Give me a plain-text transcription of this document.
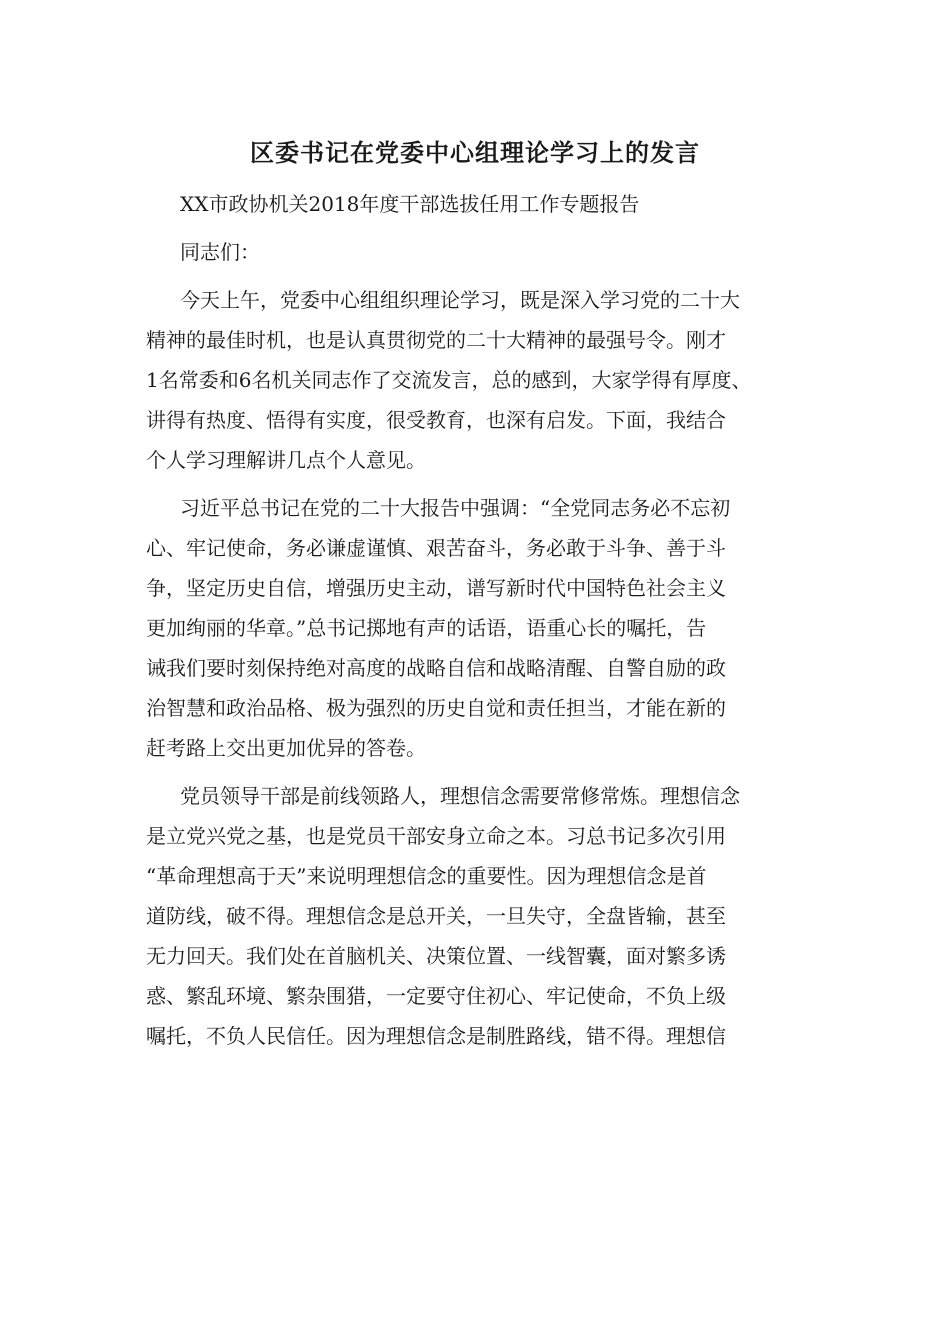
区委书记在党委中心组理论学习上的发言
XX市政协机关2018年度干部选拔任用工作专题报告
同志们：
今天上午，党委中心组组织理论学习，既是深入学习党的二十大
精神的最佳时机，也是认真贯彻党的二十大精神的最强号令。刚才
1名常委和6名机关同志作了交流发言，总的感到，大家学得有厚度、
讲得有热度、悟得有实度，很受教育，也深有启发。下面，我结合
个人学习理解讲几点个人意见。
习近平总书记在党的二十大报告中强调：“全党同志务必不忘初
心、牢记使命，务必谦虚谨慎、艰苦奋斗，务必敢于斗争、善于斗
争，坚定历史自信，增强历史主动，谱写新时代中国特色社会主义
更加绚丽的华章。”总书记掷地有声的话语，语重心长的嘱托，告
诫我们要时刻保持绝对高度的战略自信和战略清醒、自警自励的政
治智慧和政治品格、极为强烈的历史自觉和责任担当，才能在新的
赶考路上交出更加优异的答卷。
党员领导干部是前线领路人，理想信念需要常修常炼。理想信念
是立党兴党之基，也是党员干部安身立命之本。习总书记多次引用
“革命理想高于天”来说明理想信念的重要性。因为理想信念是首
道防线，破不得。理想信念是总开关，一旦失守，全盘皆输，甚至
无力回天。我们处在首脑机关、决策位置、一线智囊，面对繁多诱
惑、繁乱环境、繁杂围猎，一定要守住初心、牢记使命，不负上级
嘱托，不负人民信任。因为理想信念是制胜路线，错不得。理想信
